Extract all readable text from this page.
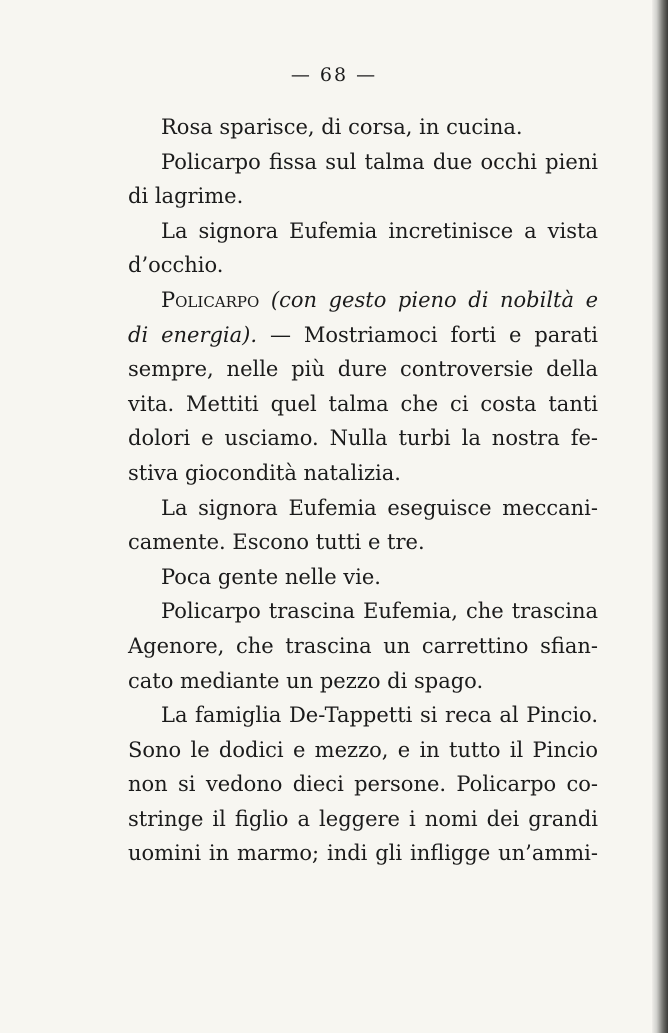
— 68 —
Rosa sparisce, di corsa, in cucina.
Policarpo fissa sul talma due occhi pieni
di lagrime.
La signora Eufemia incretinisce a vista
d’occhio.
Policarpo (con gesto pieno di nobiltà e
di energia). — Mostriamoci forti e parati
sempre, nelle più dure controversie della
vita. Mettiti quel talma che ci costa tanti
dolori e usciamo. Nulla turbi la nostra fe-
stiva giocondità natalizia.
La signora Eufemia eseguisce meccani-
camente. Escono tutti e tre.
Poca gente nelle vie.
Policarpo trascina Eufemia, che trascina
Agenore, che trascina un carrettino sfian-
cato mediante un pezzo di spago.
La famiglia De-Tappetti si reca al Pincio.
Sono le dodici e mezzo, e in tutto il Pincio
non si vedono dieci persone. Policarpo co-
stringe il figlio a leggere i nomi dei grandi
uomini in marmo; indi gli infligge un’ammi-
